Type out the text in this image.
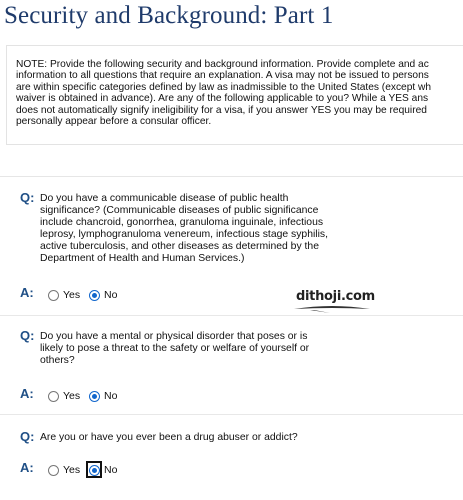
Security and Background: Part 1
NOTE: Provide the following security and background information. Provide complete and ac
information to all questions that require an explanation. A visa may not be issued to persons
are within specific categories defined by law as inadmissible to the United States (except wh
waiver is obtained in advance). Are any of the following applicable to you? While a YES ans
does not automatically signify ineligibility for a visa, if you answer YES you may be required
personally appear before a consular officer.
Q: Do you have a communicable disease of public health
significance? (Communicable diseases of public significance
include chancroid, gonorrhea, granuloma inguinale, infectious
leprosy, lymphogranuloma venereum, infectious stage syphilis,
active tuberculosis, and other diseases as determined by the
Department of Health and Human Services.)
A:	Yes No	dithoji.com
Q: Do you have a mental or physical disorder that poses or is
likely to pose a threat to the safety or welfare of yourself or
others?
A:	Yes No
Q: Are you or have you ever been a drug abuser or addict?
A:	Yes No
